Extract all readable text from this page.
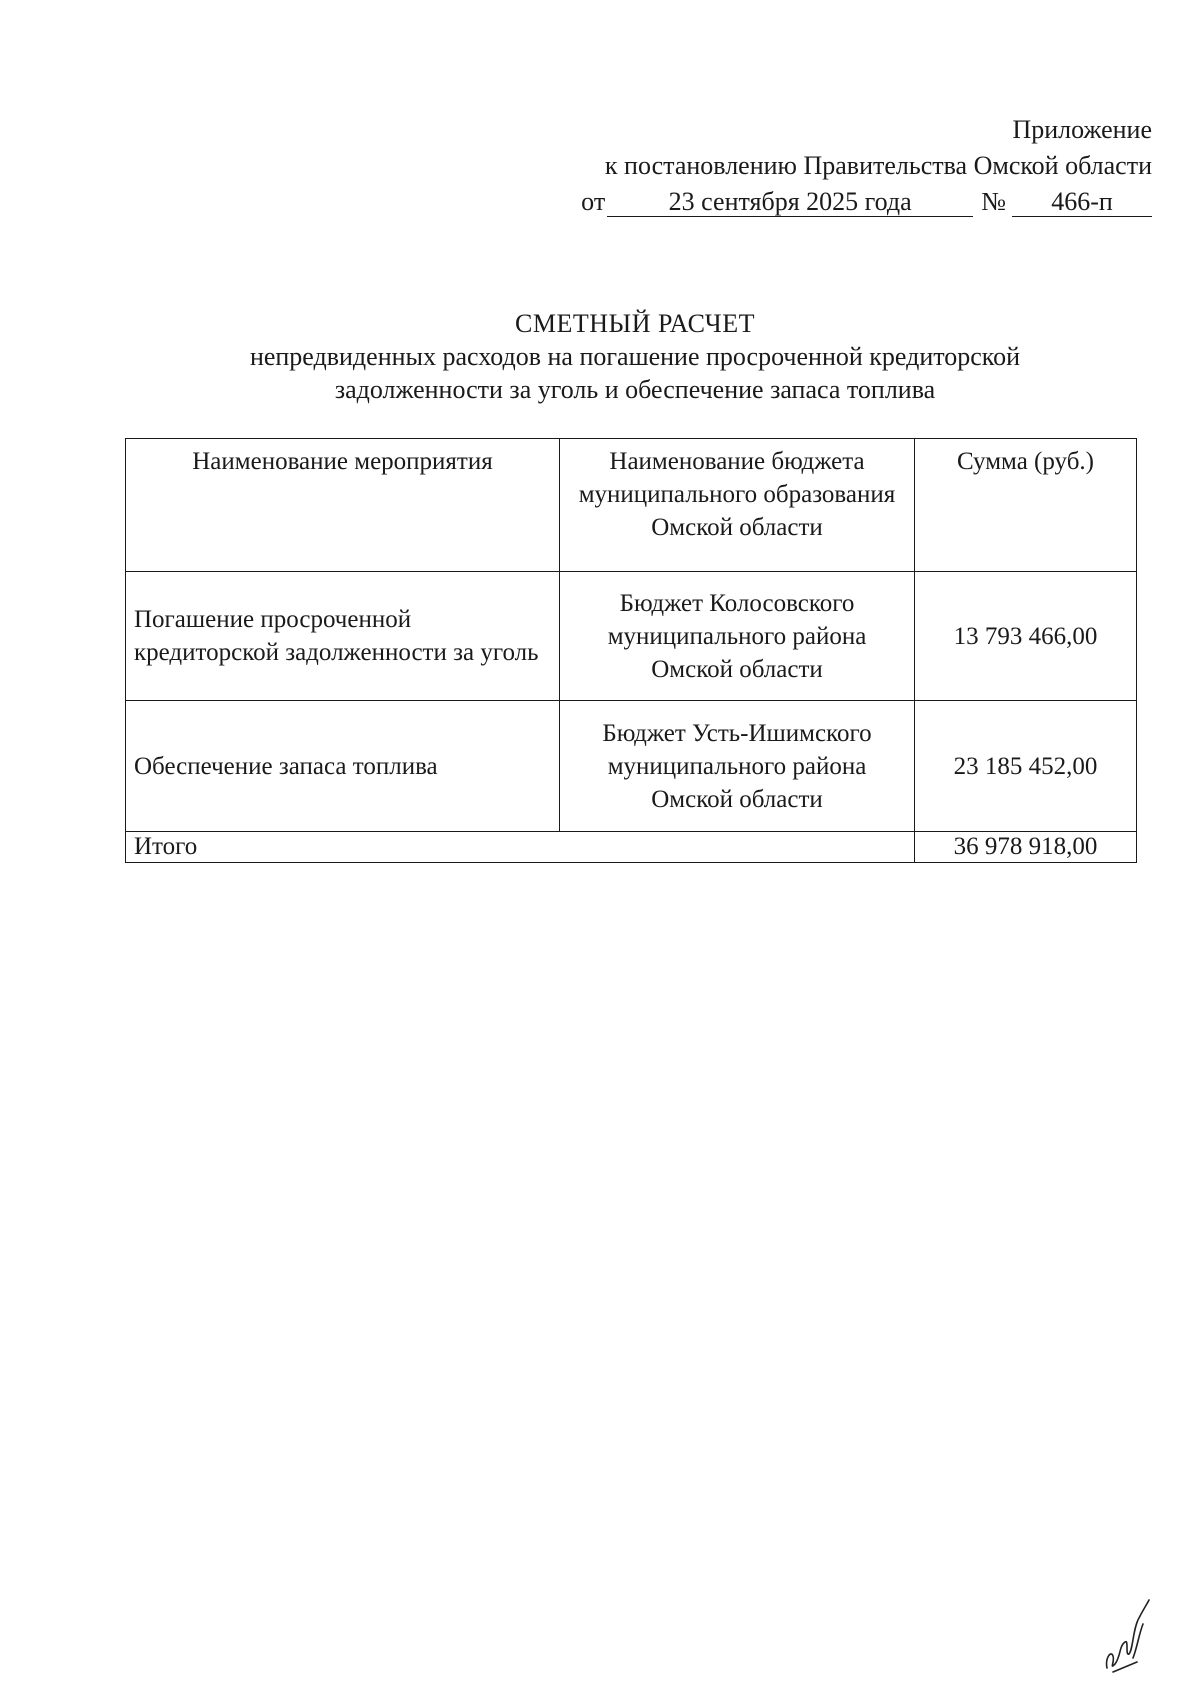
Приложение
к постановлению Правительства Омской области
от 23 сентября 2025 года	№ 466-п
СМЕТНЫЙ РАСЧЕТ
непредвиденных расходов на погашение просроченной кредиторской
задолженности за уголь и обеспечение запаса топлива
Наименование мероприятия	Наименование бюджета муниципального образования Омской области	Сумма (руб.)
Погашение просроченной кредиторской задолженности за уголь	Бюджет Колосовского муниципального района Омской области	13 793 466,00
Обеспечение запаса топлива	Бюджет Усть-Ишимского муниципального района Омской области	23 185 452,00
Итого		36 978 918,00
